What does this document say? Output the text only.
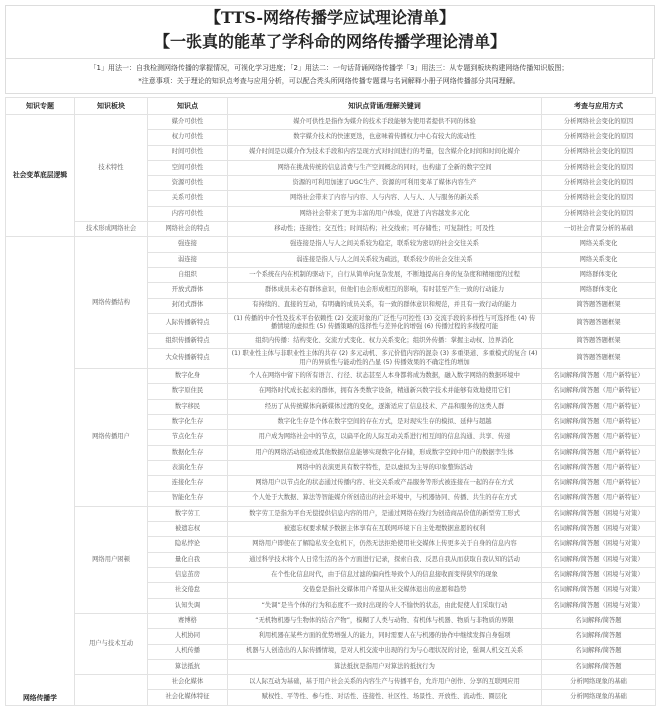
【TTS-网络传播学应试理论清单】
【一张真的能革了学科命的网络传播学理论清单】
「1」用法一：自我检测网络传播的掌握情况，可视化学习进度；「2」用法二：一句话背诵网络传播学「3」用法三：从专题到板块构建网络传播知识版图；
*注意事项：关于理论的知识点考查与应用分析，可以配合秃头所网络传播专题课与名词解释小册子网络传播部分共同理解。
知识专题	知识板块	知识点	知识点背诵/理解关键词	考查与应用方式
社会变革底层逻辑	技术特性	媒介可供性	媒介可供性是指作为媒介的技术手段能够为使用者提供不同的体验	分析网络社会变化的原因
		权力可供性	数字媒介技术的快速更迭，也意味着传播权力中心有较大的流动性	分析网络社会变化的原因
		时间可供性	媒介时间是以媒介作为技术手段和内容呈现方式对时间进行的考量，包含媒介化时间和时间化媒介	分析网络社会变化的原因
		空间可供性	网络在挑战传统的信息消费与生产空间概念的同时，也构建了全新的数字空间	分析网络社会变化的原因
		资源可供性	资源的可利用加速了UGC生产、资源的可利用变革了媒体内容生产	分析网络社会变化的原因
		关系可供性	网络社会带来了内容与内容、人与内容、人与人、人与服务的新关系	分析网络社会变化的原因
		内容可供性	网络社会带来了更为丰富的用户体验，促进了内容越发多元化	分析网络社会变化的原因
	技术形成网络社会	网络社会的特点	移动性；连接性；交互性；时间结构；社交线索；可存储性；可复制性；可及性	一切社会背景分析的基础
网络传播学	网络传播结构	强连接	强连接是指人与人之间关系较为稳定，联系较为密切的社会交往关系	网络关系变化
		弱连接	弱连接是指人与人之间关系较为疏远，联系较少的社会交往关系	网络关系变化
		自组织	一个系统在内在机制的驱动下，自行从简单向复杂发展，不断地提高自身的复杂度和精细度的过程	网络群体变化
		开放式群体	群体成员未必有群体意识，但他们也会形成相互的影响，有时甚至产生一致的行动能力	网络群体变化
		封闭式群体	有持续的、直接的互动，有明确的成员关系，有一致的群体意识和规范，并且有一致行动的能力	简答题答题框架
		人际传播新特点	(1) 传播的中介性及技术平台依赖性 (2) 交流对象的广泛性与可控性 (3) 交流手段的多样性与可选择性 (4) 传播情境的虚拟性 (5) 传播策略的选择性与差异化的增强 (6) 传播过程的多线程可能	简答题答题框架
		组织传播新特点	组织内传播：结构变化、交流方式变化、权力关系变化；组织外传播：掌握主动权、边界消化	简答题答题框架
		大众传播新特点	(1) 职业性主体与非职业性主体的共存 (2) 多元动机、多元价值内容的混杂 (3) 多重渠道、多重模式的复合 (4) 用户的异质性与能动性的凸显 (5) 传播效果的不确定性的增加	简答题答题框架
	网络传播用户	数字化身	个人在网络中留下的所有语言、行径、状态甚至人本身都将成为数据，融入数字网络的数据环境中	名词解释/简答题（用户新特征）
		数字原住民	在网络时代成长起来的群体，拥有各类数字设备，精通新兴数字技术并能够有效地使用它们	名词解释/简答题（用户新特征）
		数字移民	经历了从传统媒体向新媒体过渡的变化，逐渐适应了信息技术、产品和服务的这类人群	名词解释/简答题（用户新特征）
		数字化生存	数字化生存是个体在数字空间的存在方式，是对现实生存的模拟、延伸与超越	名词解释/简答题（用户新特征）
		节点化生存	用户成为网络社会中的节点，以扁平化的人际互动关系进行相互间的信息沟通、共享、传递	名词解释/简答题（用户新特征）
		数据化生存	用户的网络活动痕迹或其他数据信息能够实现数字化存储，形成数字空间中用户的数据孪生体	名词解释/简答题（用户新特征）
		表演化生存	网络中的表演更具有数字特性，是以虚拟为主导的印象整饰活动	名词解释/简答题（用户新特征）
		连接化生存	网络用户以节点化的状态通过传播内容、社交关系或产品服务等形式被连接在一起的存在方式	名词解释/简答题（用户新特征）
		智能化生存	个人处于大数据、算法等智能媒介所创造出的社会环境中，与机器协同、传播、共生的存在方式	名词解释/简答题（用户新特征）
	网络用户困顿	数字劳工	数字劳工是指为平台无偿提供信息内容的用户，是通过网络在线行为创造商品价值的新型劳工形式	名词解释/简答题（困境与对策）
		被遗忘权	被遗忘权要求赋予数据主体享有在互联网环境下自主处理数据意愿的权利	名词解释/简答题（困境与对策）
		隐私悖论	网络用户即使在了解隐私安全危机下，仍然无法拒绝使用社交媒体上传更多关于自身的信息内容	名词解释/简答题（困境与对策）
		量化自我	通过科学技术将个人日常生活的各个方面进行记录，探索自我、反思自我从而获取自我认知的活动	名词解释/简答题（困境与对策）
		信息茧房	在个性化信息时代，由于信息过滤的偏向性导致个人的信息接收面变得狭窄的现象	名词解释/简答题（困境与对策）
		社交倦怠	交倦怠是指社交媒体用户希望从社交媒体退出的意愿和趋势	名词解释/简答题（困境与对策）
		认知失调	“失调”是当个体的行为和态度不一致时出现的令人不愉快的状态，由此促使人们采取行动	名词解释/简答题（困境与对策）
	用户与技术互动	赛博格	“无机物机器与生物体的结合产物”，模糊了人类与动物、有机体与机器、物质与非物质的界限	名词解释/简答题
		人机协同	利用机器在某些方面的优势增强人的能力，同时需要人在与机器的协作中继续发挥自身强项	名词解释/简答题
		人机传播	机器与人创造出的人际传播情境，是对人机交流中出现的行为与心理状况的讨论，强调人机交互关系	名词解释/简答题
		算法抵抗	算法抵抗是指用户对算法的抵抗行为	名词解释/简答题
		社会化媒体	以人际互动为基础，基于用户社会关系的内容生产与传播平台，允许用户创作、分享的互联网应用	分析网络现象的基础
		社会化媒体特征	赋权性、平等性、参与性、对话性、连接性、社区性、场景性、开放性、流动性、圈层化	分析网络现象的基础
